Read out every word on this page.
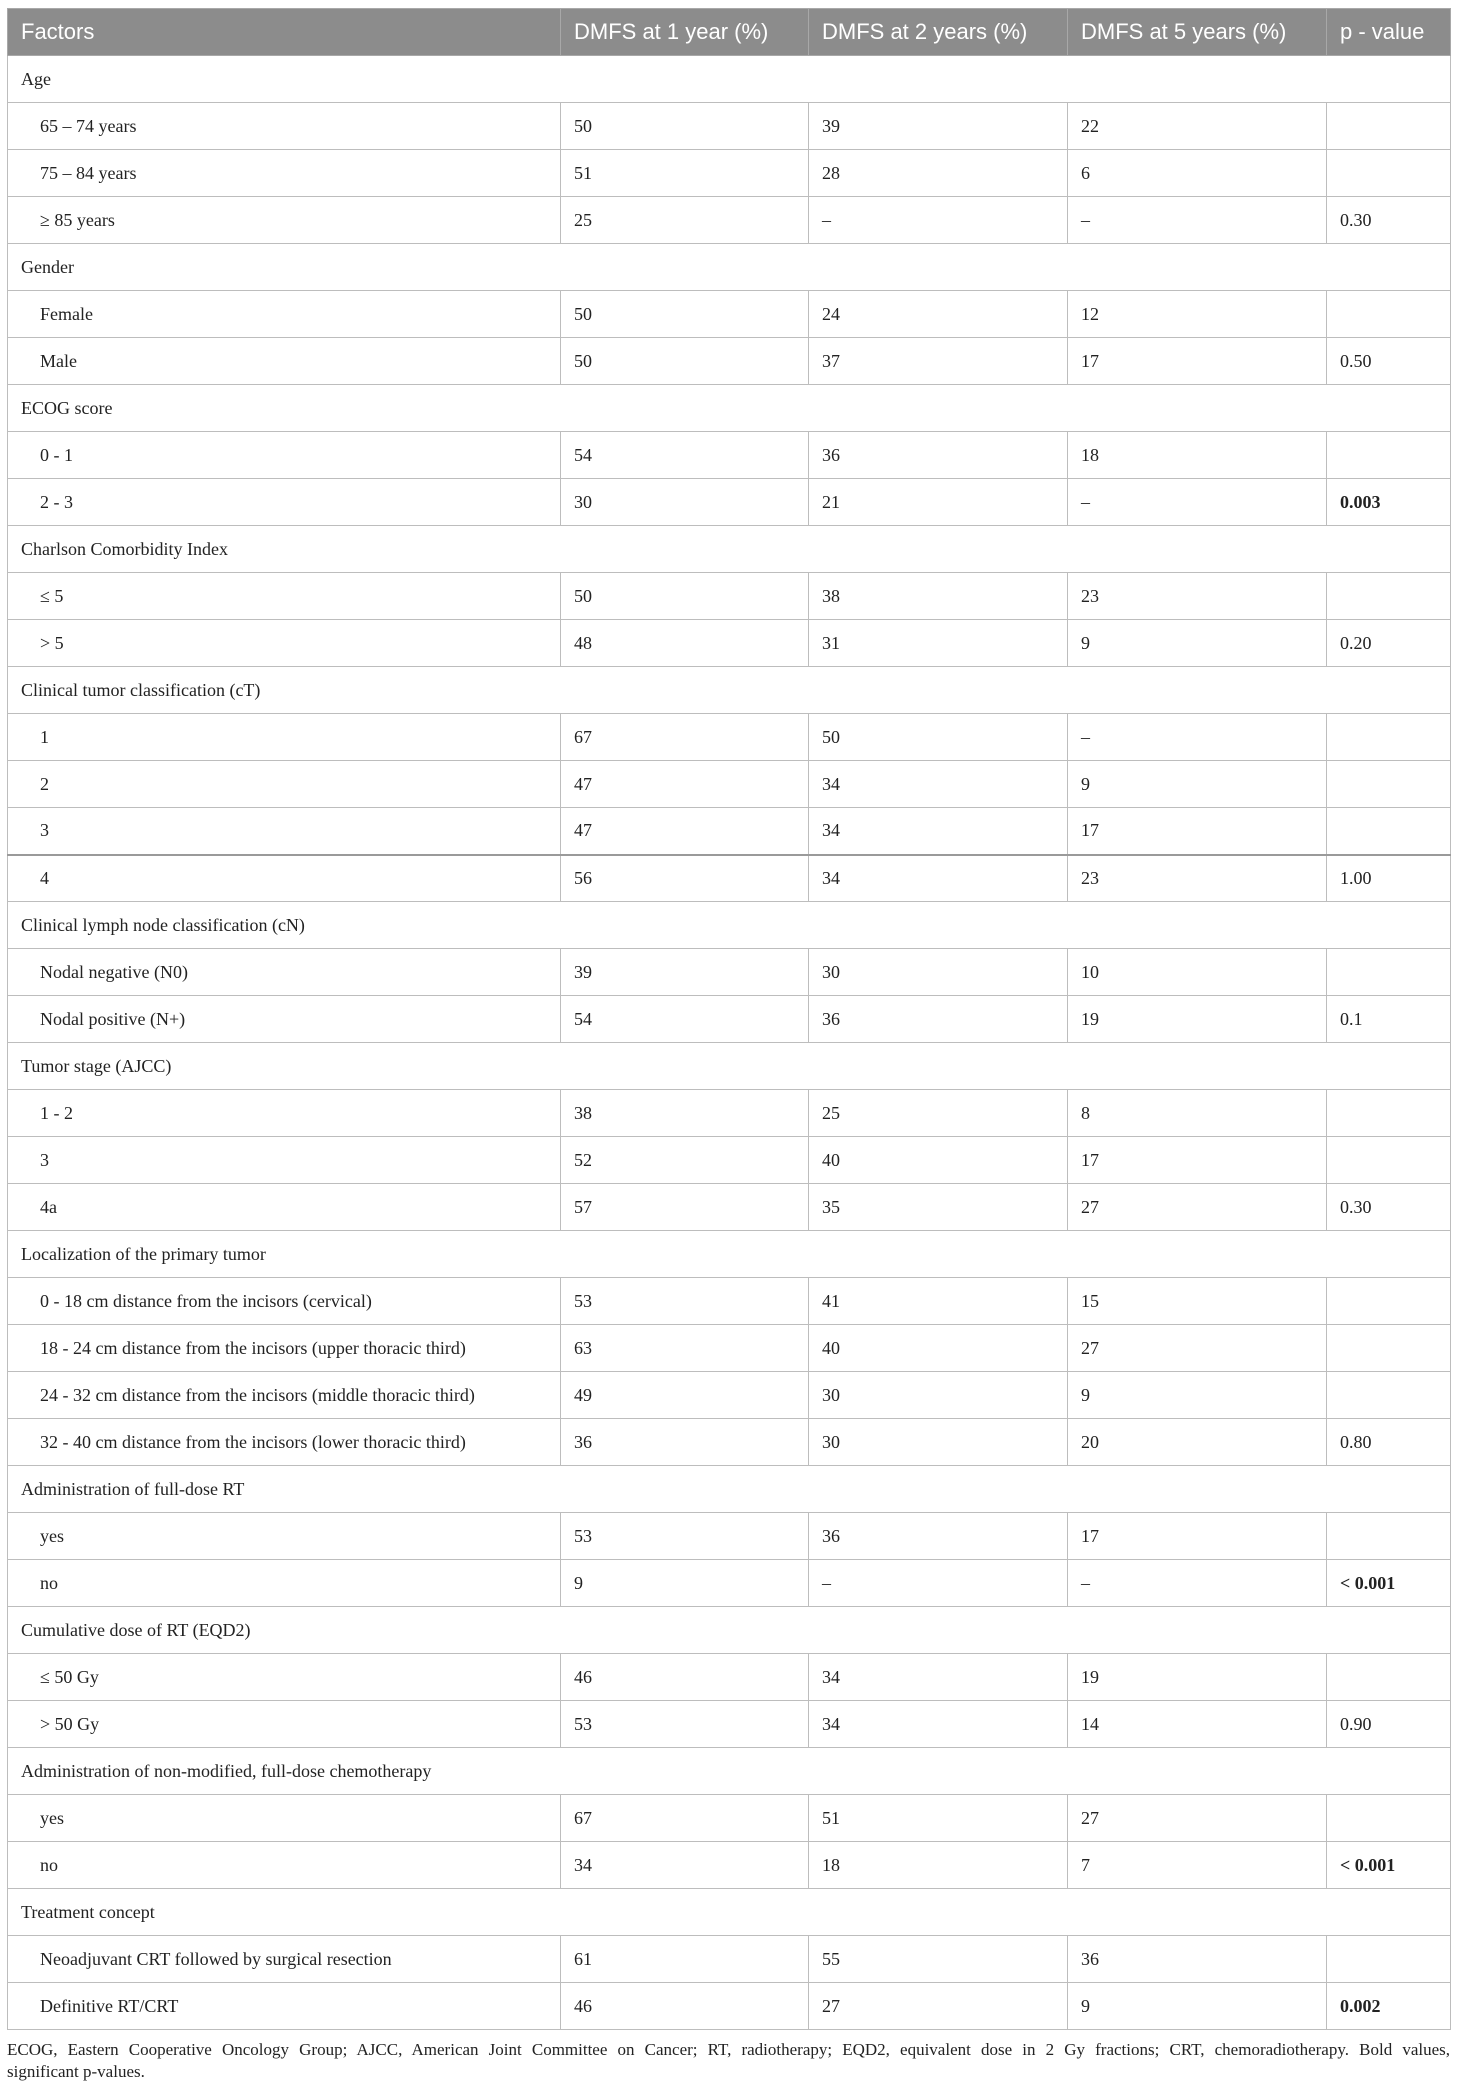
Factors	DMFS at 1 year (%)	DMFS at 2 years (%)	DMFS at 5 years (%)	p - value
Age				
65 – 74 years	50	39	22	
75 – 84 years	51	28	6	
≥ 85 years	25	–	–	0.30
Gender				
Female	50	24	12	
Male	50	37	17	0.50
ECOG score				
0 - 1	54	36	18	
2 - 3	30	21	–	0.003
Charlson Comorbidity Index				
≤ 5	50	38	23	
> 5	48	31	9	0.20
Clinical tumor classification (cT)				
1	67	50	–	
2	47	34	9	
3	47	34	17	
4	56	34	23	1.00
Clinical lymph node classification (cN)				
Nodal negative (N0)	39	30	10	
Nodal positive (N+)	54	36	19	0.1
Tumor stage (AJCC)				
1 - 2	38	25	8	
3	52	40	17	
4a	57	35	27	0.30
Localization of the primary tumor				
0 - 18 cm distance from the incisors (cervical)	53	41	15	
18 - 24 cm distance from the incisors (upper thoracic third)	63	40	27	
24 - 32 cm distance from the incisors (middle thoracic third)	49	30	9	
32 - 40 cm distance from the incisors (lower thoracic third)	36	30	20	0.80
Administration of full-dose RT				
yes	53	36	17	
no	9	–	–	< 0.001
Cumulative dose of RT (EQD2)				
≤ 50 Gy	46	34	19	
> 50 Gy	53	34	14	0.90
Administration of non-modified, full-dose chemotherapy				
yes	67	51	27	
no	34	18	7	< 0.001
Treatment concept				
Neoadjuvant CRT followed by surgical resection	61	55	36	
Definitive RT/CRT	46	27	9	0.002
ECOG, Eastern Cooperative Oncology Group; AJCC, American Joint Committee on Cancer; RT, radiotherapy; EQD2, equivalent dose in 2 Gy fractions; CRT, chemoradiotherapy. Bold values,
significant p-values.
